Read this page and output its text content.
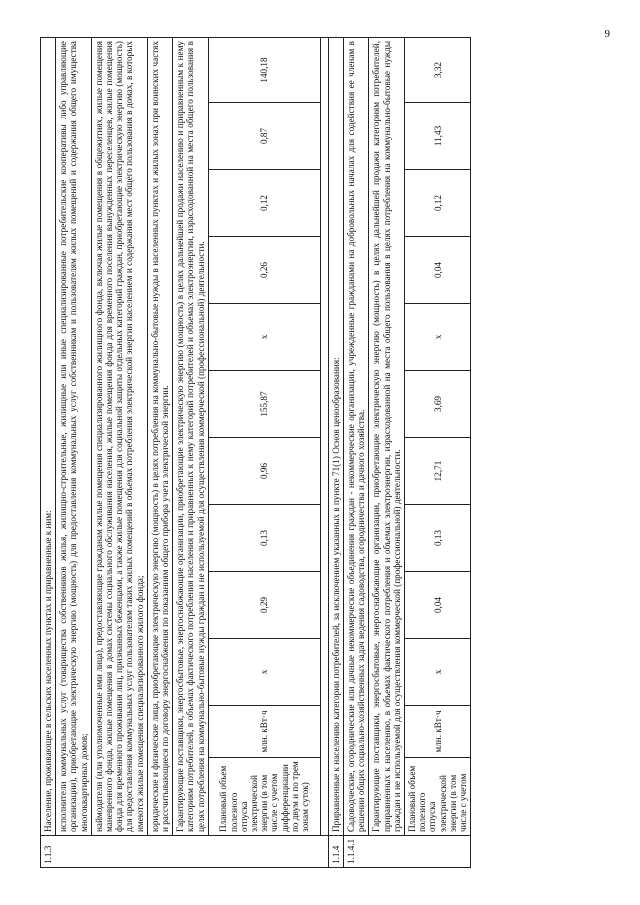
9
1.1.3	Население, проживающее в сельских населенных пунктах и приравненные к ним:											
	исполнители коммунальных услуг (товарищества собственников жилья, жилищно-строительные, жилищные или иные специализированные потребительские кооперативы либо управляющие организации), приобретающие электрическую энергию (мощность) для предоставления коммунальных услуг собственникам и пользователям жилых помещений и содержания общего имущества многоквартирных домов;											
	наймодатели (или уполномоченные ими лица), предоставляющие гражданам жилые помещения специализированного жилищного фонда, включая жилые помещения в общежитиях, жилые помещения маневренного фонда, жилые помещения в домах системы социального обслуживания населения, жилые помещения фонда для временного поселения вынужденных переселенцев, жилые помещения фонда для временного проживания лиц, признанных беженцами, а также жилые помещения для социальной защиты отдельных категорий граждан, приобретающие электрическую энергию (мощность) для предоставления коммунальных услуг пользователям таких жилых помещений в объемах потребления электрической энергии населением и содержания мест общего пользования в домах, в которых имеются жилые помещения специализированного жилого фонда;											
	юридические и физические лица, приобретающие электрическую энергию (мощность) в целях потребления на коммунально-бытовые нужды в населенных пунктах и жилых зонах при воинских частях и рассчитывающиеся по договору энергоснабжения по показаниям общего прибора учета электрической энергии.											
	Гарантирующие поставщики, энергосбытовые, энергоснабжающие организации, приобретающие электрическую энергию (мощность) в целях дальнейшей продажи населению и приравненным к нему категориям потребителей, в объемах фактического потребления населения и приравненных к нему категорий потребителей и объемах электроэнергии, израсходованной на места общего пользования в целях потребления на коммунально-бытовые нужды граждан и не используемой для осуществления коммерческой (профессиональной) деятельности.											
	Плановый объем полезного отпуска электрической энергии (в том числе с учетом дифференциации по двум и по трем зонам суток)	млн. кВт·ч	x	0,29	0,13	0,96	155,87	x	0,26	0,12	0,87	140,18

1.1.4	Приравненные к населению категории потребителей, за исключением указанных в пункте 71(1) Основ ценообразования:											
1.1.4.1	Садоводческие, огороднические или дачные некоммерческие объединения граждан - некоммерческие организации, учрежденные гражданами на добровольных началах для содействия ее членам в решении общих социально-хозяйственных задач ведения садоводства, огородничества и дачного хозяйства.											
	Гарантирующие поставщики, энергосбытовые, энергоснабжающие организации, приобретающие электрическую энергию (мощность) в целях дальнейшей продажи категориям потребителей, приравненных к населению, в объемах фактического потребления и объемах электроэнергии, израсходованной на места общего пользования в целях потребления на коммунально-бытовые нужды граждан и не используемой для осуществления коммерческой (профессиональной) деятельности.											
	Плановый объем полезного отпуска электрической энергии (в том числе с учетом	млн. кВт·ч	x	0,04	0,13	12,71	3,69	x	0,04	0,12	11,43	3,32
